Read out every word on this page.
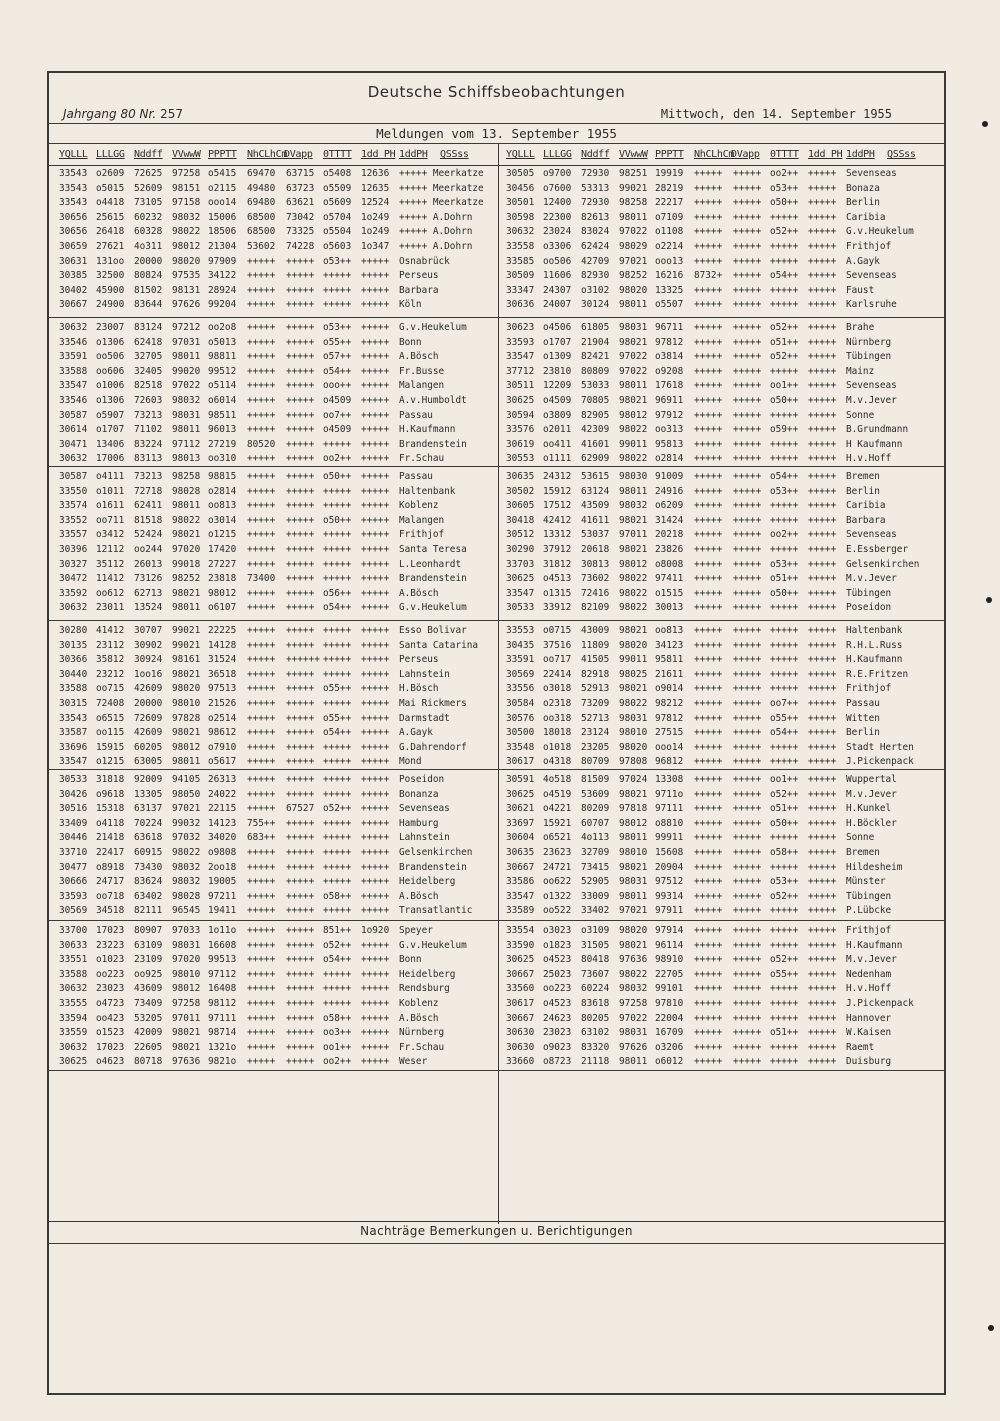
Deutsche Schiffsbeobachtungen
Jahrgang 80 Nr. 257	Mittwoch, den 14. September 1955
Meldungen vom 13. September 1955
Nachträge Bemerkungen u. Berichtigungen
YQLLL LLLGG Nddff VVwwW PPPTT NhCLhCm
DVapp 0TTTT 1dd PH 1ddPH QSSss	YQLLL LLLGG Nddff VVwwW PPPTT NhCLhCm
DVapp 0TTTT 1dd PH 1ddPH QSSss
33543 o2609 72625 97258 o5415 69470 63715 o5408 12636 +++++ Meerkatze
33543 o5015 52609 98151 o2115 49480 63723 o5509 12635 +++++ Meerkatze
33543 o4418 73105 97158 ooo14 69480 63621 o5609 12524 +++++ Meerkatze
30656 25615 60232 98032 15006 68500 73042 o5704 1o249 +++++ A.Dohrn
30656 26418 60328 98022 18506 68500 73325 o5504 1o249 +++++ A.Dohrn
30659 27621 4o311 98012 21304 53602 74228 o5603 1o347 +++++ A.Dohrn
30631 131oo 20000 98020 97909 +++++ +++++ o53++ +++++ Osnabrück
30385 32500 80824 97535 34122 +++++ +++++ +++++ +++++ Perseus
30402 45900 81502 98131 28924 +++++ +++++ +++++ +++++ Barbara
30667 24900 83644 97626 99204 +++++ +++++ +++++ +++++ Köln
30632 23007 83124 97212 oo2o8 +++++ +++++ o53++ +++++ G.v.Heukelum
33546 o1306 62418 97031 o5013 +++++ +++++ o55++ +++++ Bonn
33591 oo506 32705 98011 98811 +++++ +++++ o57++ +++++ A.Bösch
33588 oo606 32405 99020 99512 +++++ +++++ o54++ +++++ Fr.Busse
33547 o1006 82518 97022 o5114 +++++ +++++ ooo++ +++++ Malangen
33546 o1306 72603 98032 o6014 +++++ +++++ o4509 +++++ A.v.Humboldt
30587 o5907 73213 98031 98511 +++++ +++++ oo7++ +++++ Passau
30614 o1707 71102 98011 96013 +++++ +++++ o4509 +++++ H.Kaufmann
30471 13406 83224 97112 27219 80520 +++++ +++++ +++++ Brandenstein
30632 17006 83113 98013 oo310 +++++ +++++ oo2++ +++++ Fr.Schau
30587 o4111 73213 98258 98815 +++++ +++++ o50++ +++++ Passau
33550 o1011 72718 98028 o2814 +++++ +++++ +++++ +++++ Haltenbank
33574 o1611 62411 98011 oo813 +++++ +++++ +++++ +++++ Koblenz
33552 oo711 81518 98022 o3014 +++++ +++++ o50++ +++++ Malangen
33557 o3412 52424 98021 o1215 +++++ +++++ +++++ +++++ Frithjof
30396 12112 oo244 97020 17420 +++++ +++++ +++++ +++++ Santa Teresa
30327 35112 26013 99018 27227 +++++ +++++ +++++ +++++ L.Leonhardt
30472 11412 73126 98252 23818 73400 +++++ +++++ +++++ Brandenstein
33592 oo612 62713 98021 98012 +++++ +++++ o56++ +++++ A.Bösch
30632 23011 13524 98011 o6107 +++++ +++++ o54++ +++++ G.v.Heukelum
30280 41412 30707 99021 22225 +++++ +++++ +++++ +++++ Esso Bolivar
30135 23112 30902 99021 14128 +++++ +++++ +++++ +++++ Santa Catarina
30366 35812 30924 98161 31524 +++++ ++++++ +++++ +++++ Perseus
30440 23212 1oo16 98021 36518 +++++ +++++ +++++ +++++ Lahnstein
33588 oo715 42609 98020 97513 +++++ +++++ o55++ +++++ H.Bösch
30315 72408 20000 98010 21526 +++++ +++++ +++++ +++++ Mai Rickmers
33543 o6515 72609 97828 o2514 +++++ +++++ o55++ +++++ Darmstadt
33587 oo115 42609 98021 98612 +++++ +++++ o54++ +++++ A.Gayk
33696 15915 60205 98012 o7910 +++++ +++++ +++++ +++++ G.Dahrendorf
33547 o1215 63005 98011 o5617 +++++ +++++ +++++ +++++ Mond
30533 31818 92009 94105 26313 +++++ +++++ +++++ +++++ Poseidon
30426 o9618 13305 98050 24022 +++++ +++++ +++++ +++++ Bonanza
30516 15318 63137 97021 22115 +++++ 67527 o52++ +++++ Sevenseas
33409 o4118 70224 99032 14123 755++ +++++ +++++ +++++ Hamburg
30446 21418 63618 97032 34020 683++ +++++ +++++ +++++ Lahnstein
33710 22417 60915 98022 o9808 +++++ +++++ +++++ +++++ Gelsenkirchen
30477 o8918 73430 98032 2oo18 +++++ +++++ +++++ +++++ Brandenstein
30666 24717 83624 98032 19005 +++++ +++++ +++++ +++++ Heidelberg
33593 oo718 63402 98028 97211 +++++ +++++ o58++ +++++ A.Bösch
30569 34518 82111 96545 19411 +++++ +++++ +++++ +++++ Transatlantic
33700 17023 80907 97033 1o11o +++++ +++++ 851++ 1o920 Speyer
30633 23223 63109 98031 16608 +++++ +++++ o52++ +++++ G.v.Heukelum
33551 o1023 23109 97020 99513 +++++ +++++ o54++ +++++ Bonn
33588 oo223 oo925 98010 97112 +++++ +++++ +++++ +++++ Heidelberg
30632 23023 43609 98012 16408 +++++ +++++ +++++ +++++ Rendsburg
33555 o4723 73409 97258 98112 +++++ +++++ +++++ +++++ Koblenz
33594 oo423 53205 97011 97111 +++++ +++++ o58++ +++++ A.Bösch
33559 o1523 42009 98021 98714 +++++ +++++ oo3++ +++++ Nürnberg
30632 17023 22605 98021 1321o +++++ +++++ oo1++ +++++ Fr.Schau
30625 o4623 80718 97636 9821o +++++ +++++ oo2++ +++++ Weser
30505 o9700 72930 98251 19919 +++++ +++++ oo2++ +++++ Sevenseas
30456 o7600 53313 99021 28219 +++++ +++++ o53++ +++++ Bonaza
30501 12400 72930 98258 22217 +++++ +++++ o50++ +++++ Berlin
30598 22300 82613 98011 o7109 +++++ +++++ +++++ +++++ Caribia
30632 23024 83024 97022 o1108 +++++ +++++ o52++ +++++ G.v.Heukelum
33558 o3306 62424 98029 o2214 +++++ +++++ +++++ +++++ Frithjof
33585 oo506 42709 97021 ooo13 +++++ +++++ +++++ +++++ A.Gayk
30509 11606 82930 98252 16216 8732+ +++++ o54++ +++++ Sevenseas
33347 24307 o3102 98020 13325 +++++ +++++ +++++ +++++ Faust
30636 24007 30124 98011 o5507 +++++ +++++ +++++ +++++ Karlsruhe
30623 o4506 61805 98031 96711 +++++ +++++ o52++ +++++ Brahe
33593 o1707 21904 98021 97812 +++++ +++++ o51++ +++++ Nürnberg
33547 o1309 82421 97022 o3814 +++++ +++++ o52++ +++++ Tübingen
37712 23810 80809 97022 o9208 +++++ +++++ +++++ +++++ Mainz
30511 12209 53033 98011 17618 +++++ +++++ oo1++ +++++ Sevenseas
30625 o4509 70805 98021 96911 +++++ +++++ o50++ +++++ M.v.Jever
30594 o3809 82905 98012 97912 +++++ +++++ +++++ +++++ Sonne
33576 o2011 42309 98022 oo313 +++++ +++++ o59++ +++++ B.Grundmann
30619 oo411 41601 99011 95813 +++++ +++++ +++++ +++++ H Kaufmann
30553 o1111 62909 98022 o2814 +++++ +++++ +++++ +++++ H.v.Hoff
30635 24312 53615 98030 91009 +++++ +++++ o54++ +++++ Bremen
30502 15912 63124 98011 24916 +++++ +++++ o53++ +++++ Berlin
30605 17512 43509 98032 o6209 +++++ +++++ +++++ +++++ Caribia
30418 42412 41611 98021 31424 +++++ +++++ +++++ +++++ Barbara
30512 13312 53037 97011 20218 +++++ +++++ oo2++ +++++ Sevenseas
30290 37912 20618 98021 23826 +++++ +++++ +++++ +++++ E.Essberger
33703 31812 30813 98012 o8008 +++++ +++++ o53++ +++++ Gelsenkirchen
30625 o4513 73602 98022 97411 +++++ +++++ o51++ +++++ M.v.Jever
33547 o1315 72416 98022 o1515 +++++ +++++ o50++ +++++ Tübingen
30533 33912 82109 98022 30013 +++++ +++++ +++++ +++++ Poseidon
33553 o0715 43009 98021 oo813 +++++ +++++ +++++ +++++ Haltenbank
30435 37516 11809 98020 34123 +++++ +++++ +++++ +++++ R.H.L.Russ
33591 oo717 41505 99011 95811 +++++ +++++ +++++ +++++ H.Kaufmann
30569 22414 82918 98025 21611 +++++ +++++ +++++ +++++ R.E.Fritzen
33556 o3018 52913 98021 o9014 +++++ +++++ +++++ +++++ Frithjof
30584 o2318 73209 98022 98212 +++++ +++++ oo7++ +++++ Passau
30576 oo318 52713 98031 97812 +++++ +++++ o55++ +++++ Witten
30500 18018 23124 98010 27515 +++++ +++++ o54++ +++++ Berlin
33548 o1018 23205 98020 ooo14 +++++ +++++ +++++ +++++ Stadt Herten
30617 o4318 80709 97808 96812 +++++ +++++ +++++ +++++ J.Pickenpack
30591 4o518 81509 97024 13308 +++++ +++++ oo1++ +++++ Wuppertal
30625 o4519 53609 98021 9711o +++++ +++++ o52++ +++++ M.v.Jever
30621 o4221 80209 97818 97111 +++++ +++++ o51++ +++++ H.Kunkel
33697 15921 60707 98012 o8810 +++++ +++++ o50++ +++++ H.Böckler
30604 o6521 4o113 98011 99911 +++++ +++++ +++++ +++++ Sonne
30635 23623 32709 98010 15608 +++++ +++++ o58++ +++++ Bremen
30667 24721 73415 98021 20904 +++++ +++++ +++++ +++++ Hildesheim
33586 oo622 52905 98031 97512 +++++ +++++ o53++ +++++ Münster
33547 o1322 33009 98011 99314 +++++ +++++ o52++ +++++ Tübingen
33589 oo522 33402 97021 97911 +++++ +++++ +++++ +++++ P.Lübcke
33554 o3023 o3109 98020 97914 +++++ +++++ +++++ +++++ Frithjof
33590 o1823 31505 98021 96114 +++++ +++++ +++++ +++++ H.Kaufmann
30625 o4523 80418 97636 98910 +++++ +++++ o52++ +++++ M.v.Jever
30667 25023 73607 98022 22705 +++++ +++++ o55++ +++++ Nedenham
33560 oo223 60224 98032 99101 +++++ +++++ +++++ +++++ H.v.Hoff
30617 o4523 83618 97258 97810 +++++ +++++ +++++ +++++ J.Pickenpack
30667 24623 80205 97022 22004 +++++ +++++ +++++ +++++ Hannover
30630 23023 63102 98031 16709 +++++ +++++ o51++ +++++ W.Kaisen
30630 o9023 83320 97626 o3206 +++++ +++++ +++++ +++++ Raemt
33660 o8723 21118 98011 o6012 +++++ +++++ +++++ +++++ Duisburg
